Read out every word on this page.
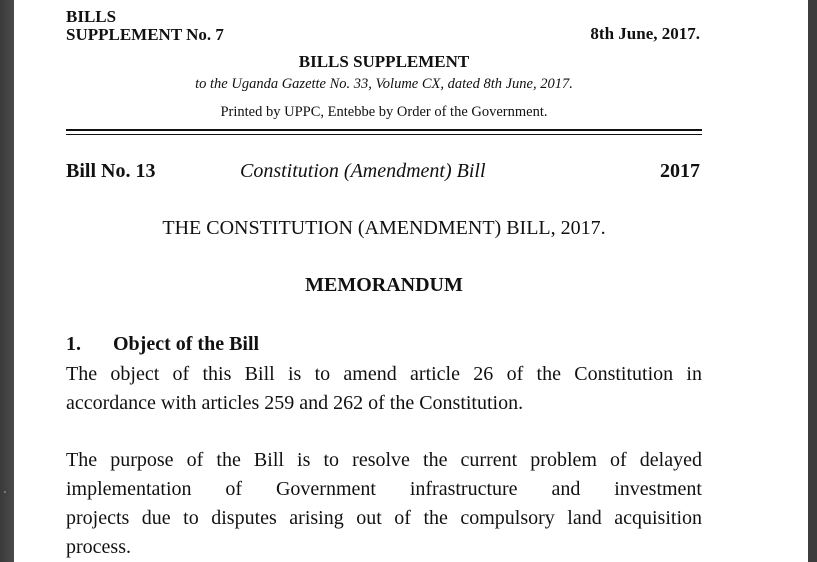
BILLS
SUPPLEMENT No. 7	8th June, 2017.
BILLS SUPPLEMENT
to the Uganda Gazette No. 33, Volume CX, dated 8th June, 2017.
Printed by UPPC, Entebbe by Order of the Government.
Bill No. 13	Constitution (Amendment) Bill	2017
THE CONSTITUTION (AMENDMENT) BILL, 2017.
MEMORANDUM
1. Object of the Bill
The object of this Bill is to amend article 26 of the Constitution in
accordance with articles 259 and 262 of the Constitution.
The purpose of the Bill is to resolve the current problem of delayed
implementation of Government infrastructure and investment
projects due to disputes arising out of the compulsory land acquisition
process.
